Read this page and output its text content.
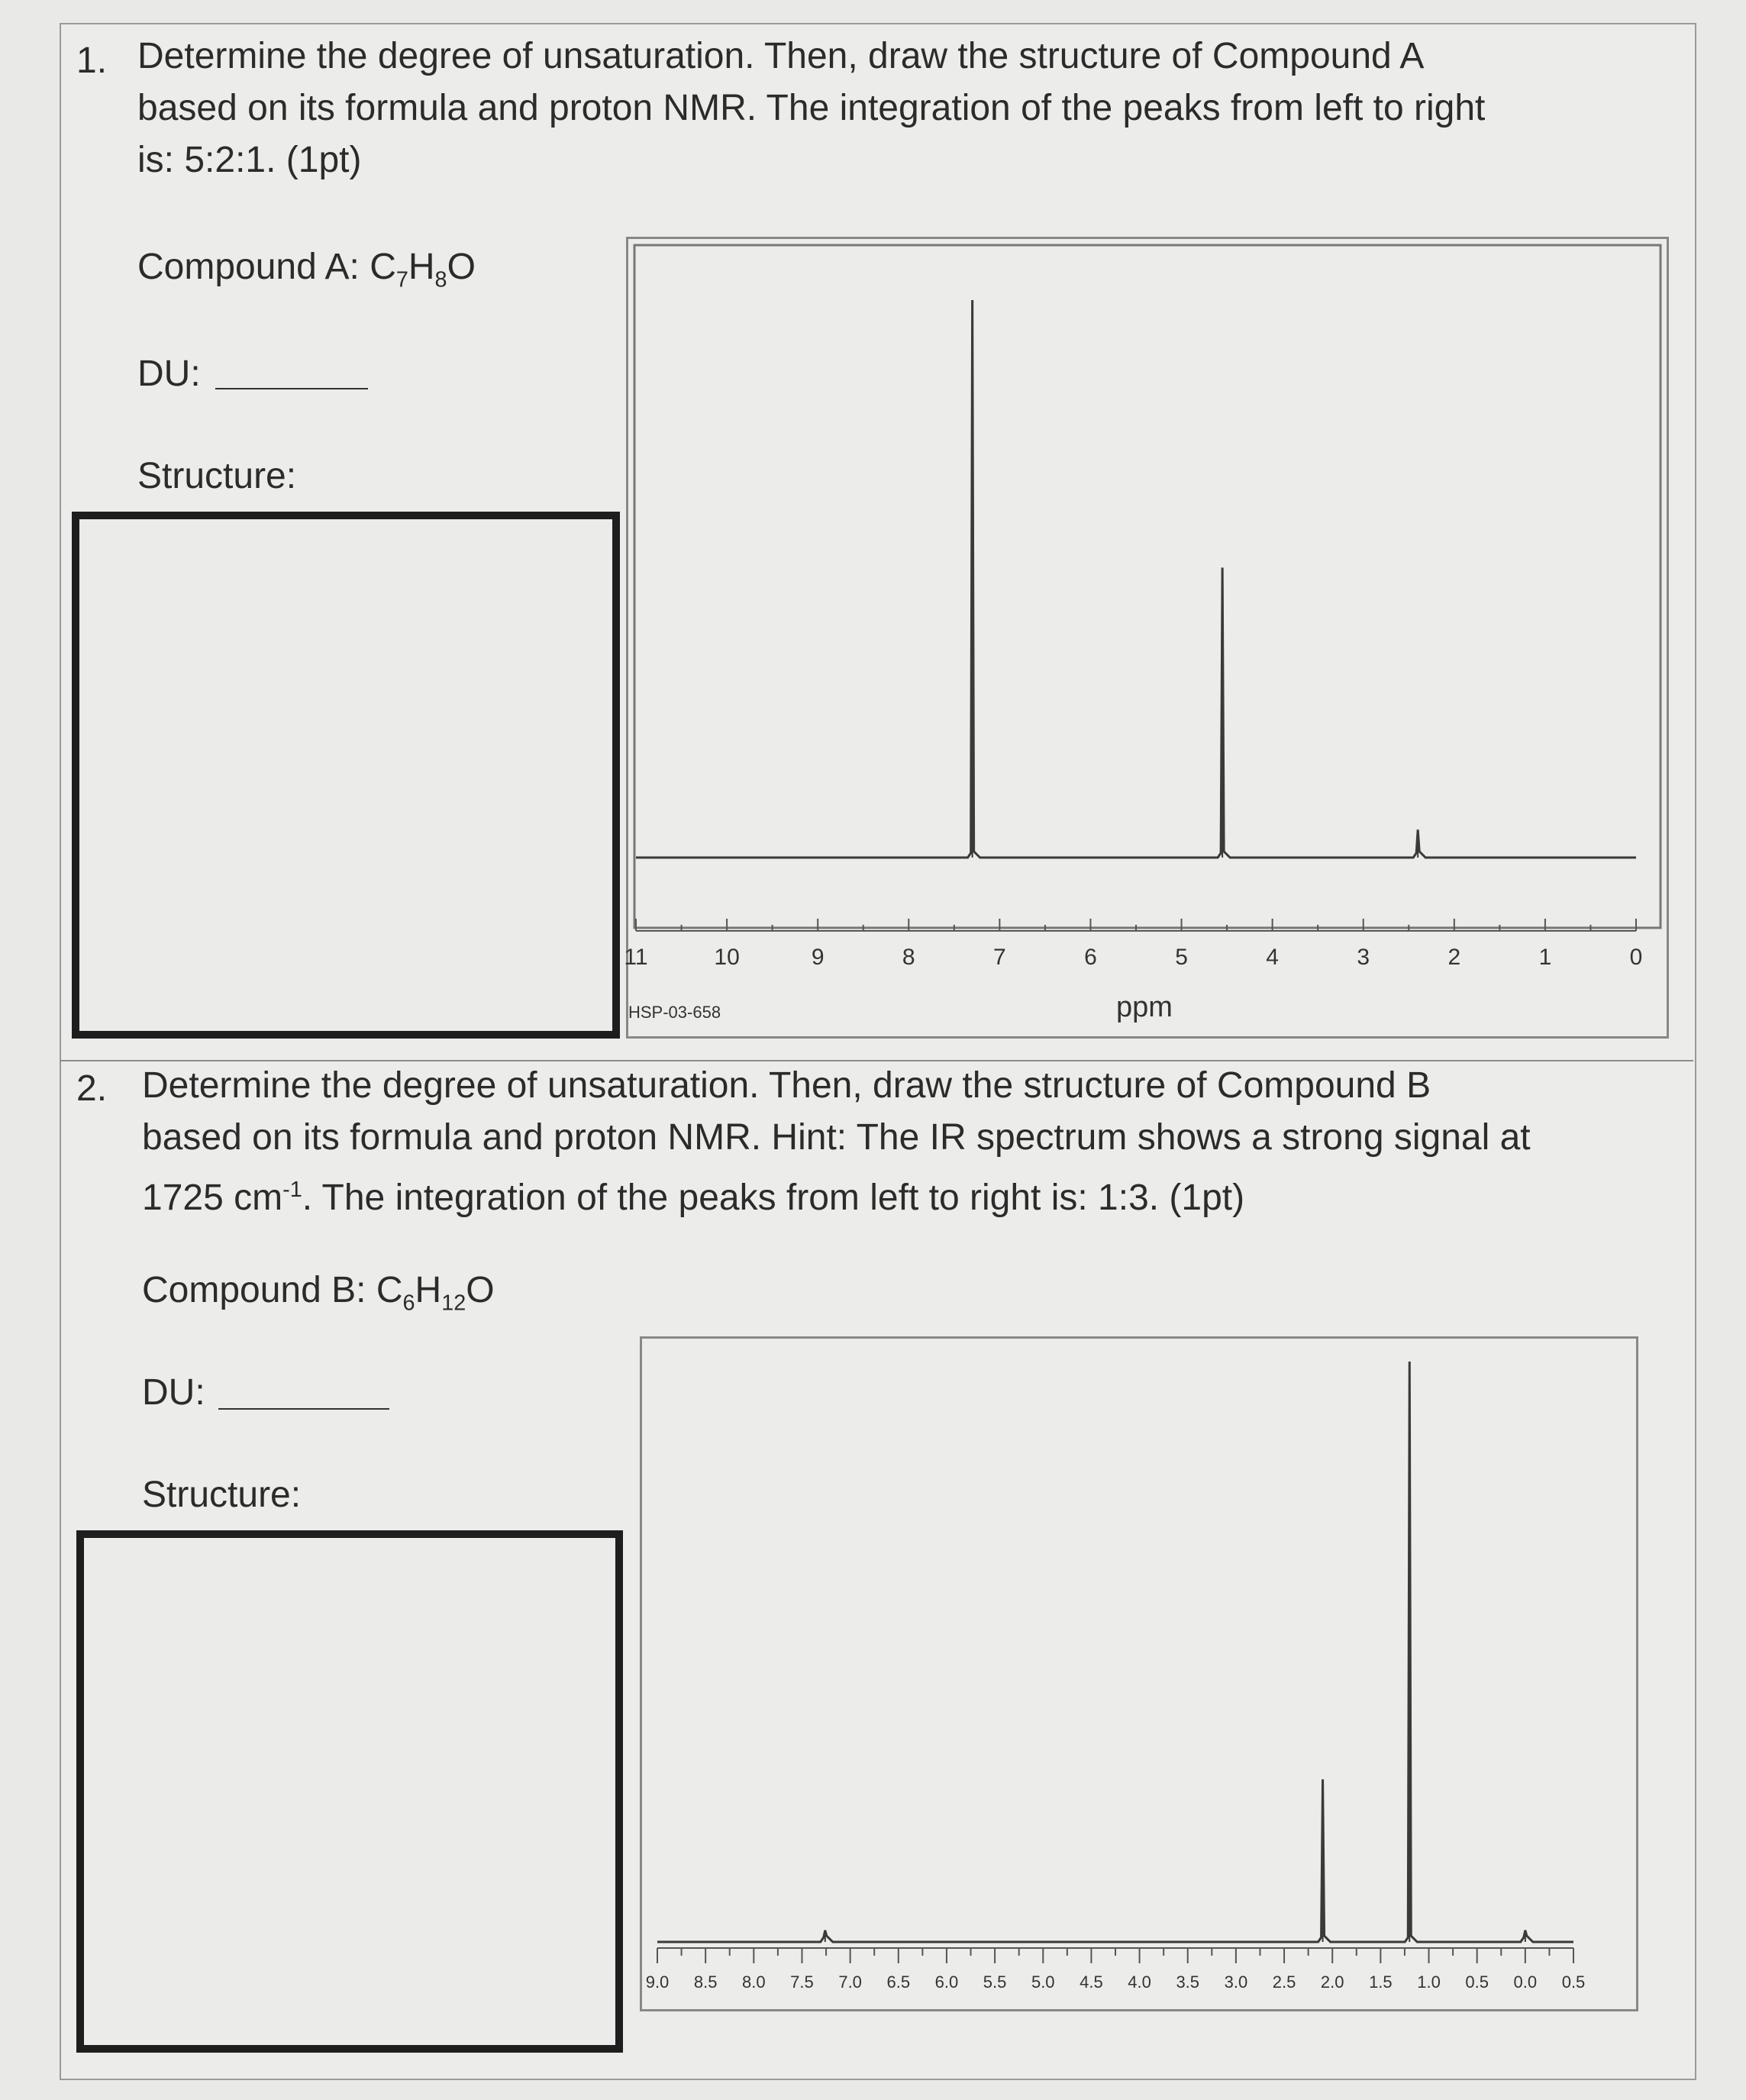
1. Determine the degree of unsaturation. Then, draw the structure of Compound A
based on its formula and proton NMR. The integration of the peaks from left to right
is: 5:2:1. (1pt)
Compound A: $C_7H_8O$
DU:
Structure:
11	10	9	8	7	6	5	4	3	2	1	0
HSP-03-658	ppm
2. Determine the degree of unsaturation. Then, draw the structure of Compound B
based on its formula and proton NMR. Hint: The IR spectrum shows a strong signal at
1725 $cm^{-1}$. The integration of the peaks from left to right is: 1:3. (1pt)
Compound B: $C_6H_{12}O$
DU:
Structure:
9.0 8.5 8.0 7.5 7.0 6.5 6.0 5.5 5.0 4.5 4.0 3.5 3.0 2.5 2.0 1.5 1.0 0.5 0.0 0.5
